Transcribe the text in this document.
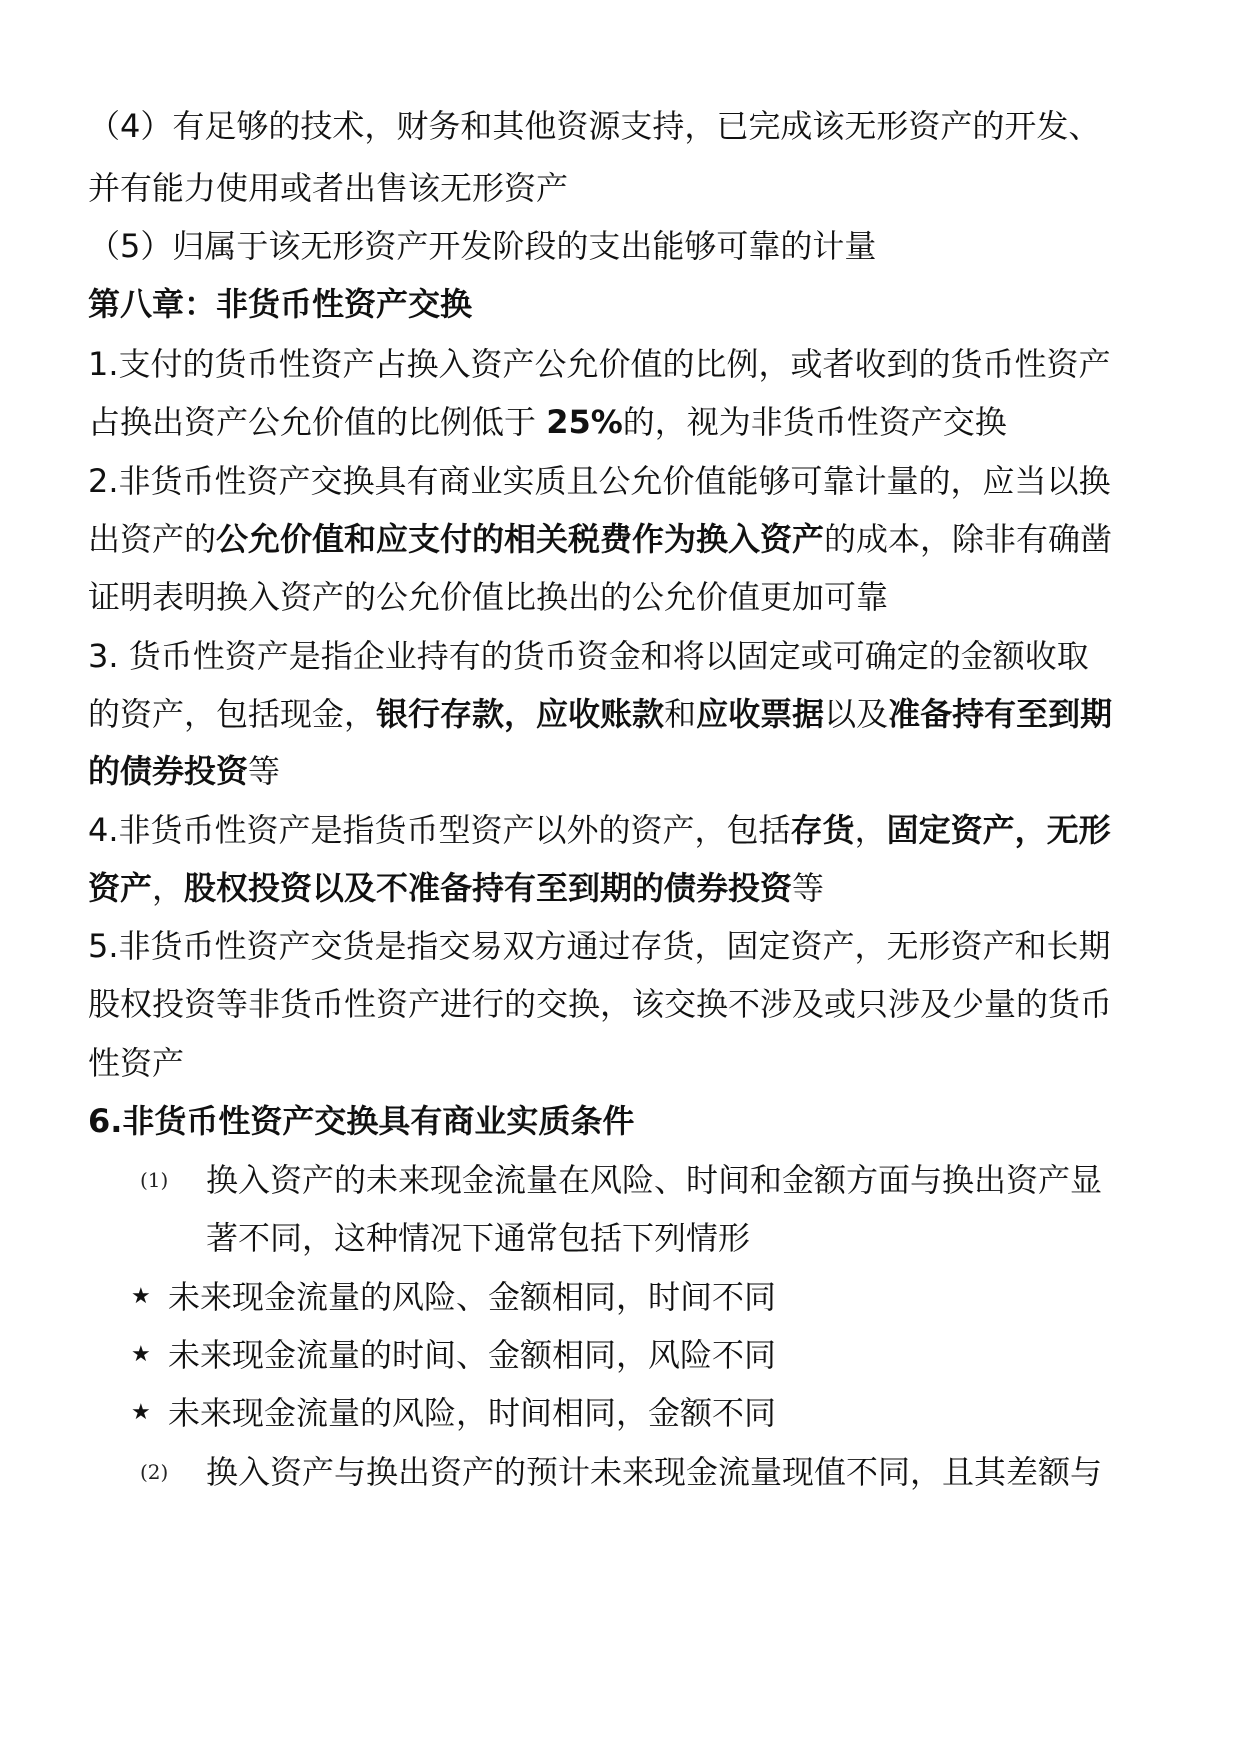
（4）有足够的技术，财务和其他资源支持，已完成该无形资产的开发、
并有能力使用或者出售该无形资产
（5）归属于该无形资产开发阶段的支出能够可靠的计量
第八章：非货币性资产交换
1.支付的货币性资产占换入资产公允价值的比例，或者收到的货币性资产
占换出资产公允价值的比例低于 25%的，视为非货币性资产交换
2.非货币性资产交换具有商业实质且公允价值能够可靠计量的，应当以换
出资产的公允价值和应支付的相关税费作为换入资产的成本，除非有确凿
证明表明换入资产的公允价值比换出的公允价值更加可靠
3. 货币性资产是指企业持有的货币资金和将以固定或可确定的金额收取
的资产，包括现金，银行存款，应收账款和应收票据以及准备持有至到期
的债券投资等
4.非货币性资产是指货币型资产以外的资产，包括存货，固定资产，无形
资产，股权投资以及不准备持有至到期的债券投资等
5.非货币性资产交货是指交易双方通过存货，固定资产，无形资产和长期
股权投资等非货币性资产进行的交换，该交换不涉及或只涉及少量的货币
性资产
6.非货币性资产交换具有商业实质条件
(1) 换入资产的未来现金流量在风险、时间和金额方面与换出资产显
著不同，这种情况下通常包括下列情形
★ 未来现金流量的风险、金额相同，时间不同
★ 未来现金流量的时间、金额相同，风险不同
★ 未来现金流量的风险，时间相同，金额不同
(2) 换入资产与换出资产的预计未来现金流量现值不同，且其差额与
